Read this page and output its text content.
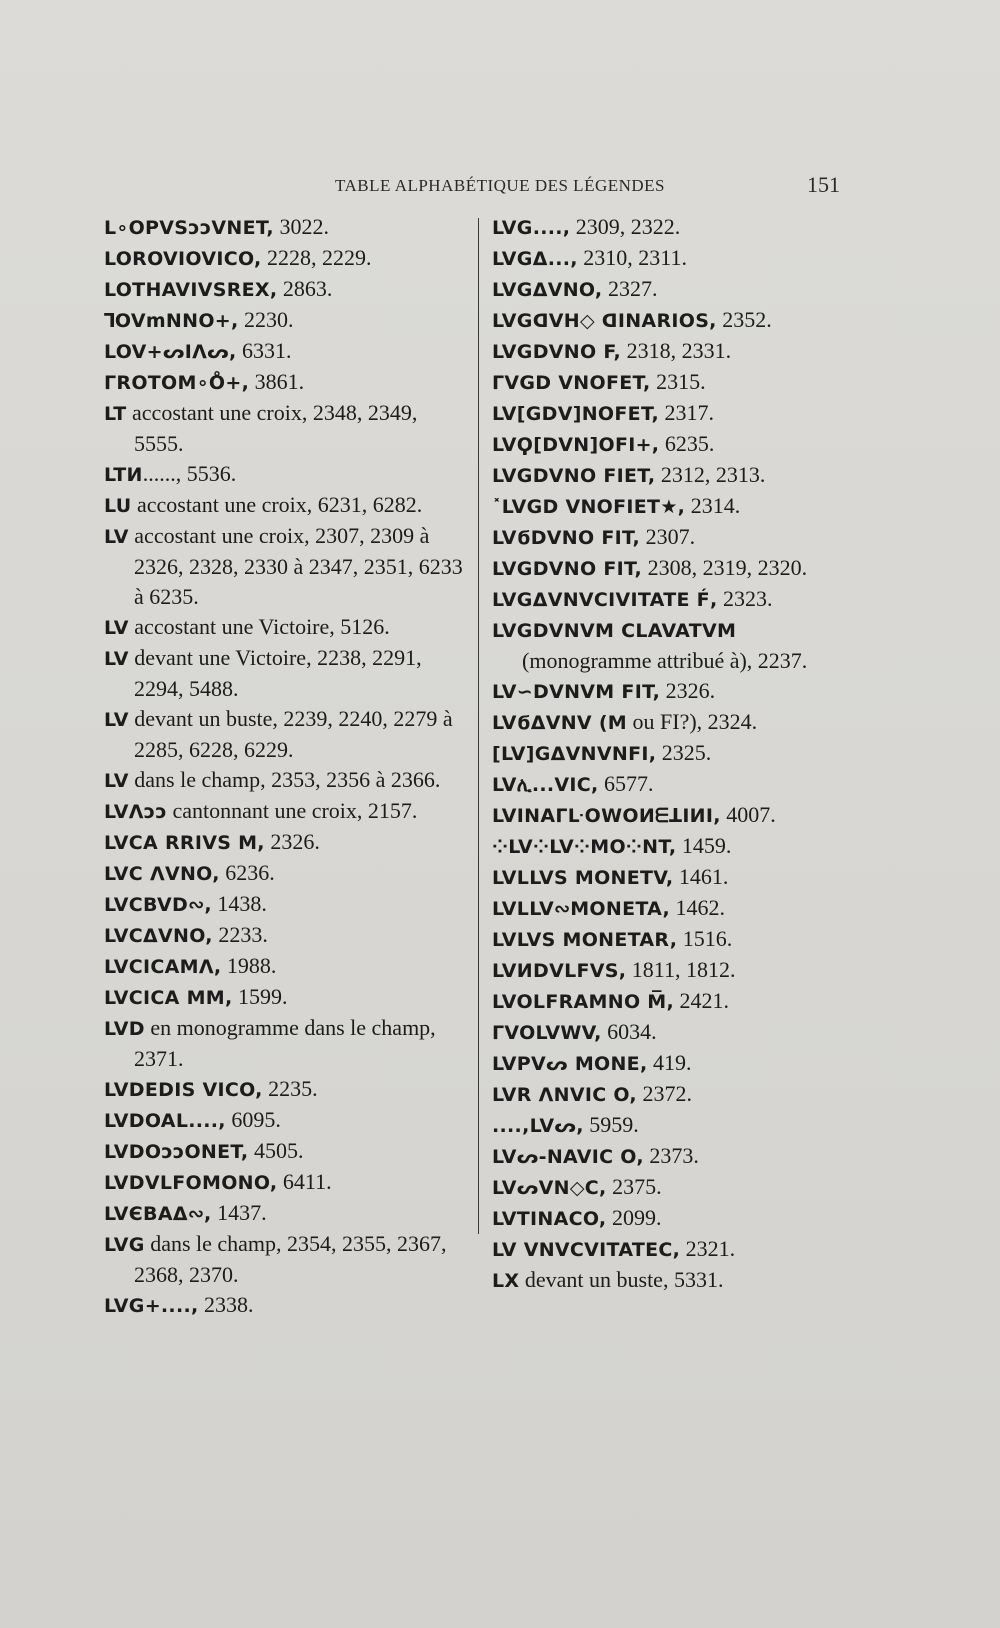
TABLE ALPHABÉTIQUE DES LÉGENDES	151

L∘OPVSↄↄVNET, 3022.

LOROVIOVICO, 2228, 2229.

LOTHAVIVSREX, 2863.

ꓶOVmNNO+, 2230.

LOV+ᔕIΛᔕ, 6331.

ΓROTOM∘O̊+, 3861.

LT accostant une croix, 2348, 2349, 5555.

LTИ......, 5536.

LU accostant une croix, 6231, 6282.

LV accostant une croix, 2307, 2309 à 2326, 2328, 2330 à 2347, 2351, 6233 à 6235.

LV accostant une Victoire, 5126.

LV devant une Victoire, 2238, 2291, 2294, 5488.

LV devant un buste, 2239, 2240, 2279 à 2285, 6228, 6229.

LV dans le champ, 2353, 2356 à 2366.

LVΛↄↄ cantonnant une croix, 2157.

LVCA RRIVS M, 2326.

LVC ΛVNO, 6236.

LVCBVD∾, 1438.

LVCΔVNO, 2233.

LVCICAMΛ, 1988.

LVCICA MM, 1599.

LVD en monogramme dans le champ, 2371.

LVDEDIS VICO, 2235.

LVDOAL...., 6095.

LVDOↄↄONET, 4505.

LVDVLFOMONO, 6411.

LVЄBAΔ∾, 1437.

LVG dans le champ, 2354, 2355, 2367, 2368, 2370.

LVG+...., 2338.

LVG...., 2309, 2322.

LVGΔ..., 2310, 2311.

LVGΔVNO, 2327.

LVGᗡVH◇ ᗡINARIOS, 2352.

LVGDVNO F, 2318, 2331.

ΓVGD VNOFET, 2315.

LV[GDV]NOFET, 2317.

LVϘ[DVN]OFI+, 6235.

LVGDVNO FIET, 2312, 2313.

˟LVGD VNOFIET★, 2314.

LVϭDVNO FIT, 2307.

LVGDVNO FIT, 2308, 2319, 2320.

LVGΔVNVCIVITATE F́, 2323.

LVGDVNVM CLAVATVM (monogramme attribué à), 2237.

LV∽DVNVM FIT, 2326.

LVϭΔVNV (M ou FI?), 2324.

[LV]GΔVNVNFI, 2325.

LVሊ...VIC, 6577.

LVINAΓᒷOWOИᗴꓕIИI, 4007.

⁘LV⁘LV⁘MO⁘NT, 1459.

LVLLVS MONETV, 1461.

LVLLV∾MONETA, 1462.

LVLVS MONETAR, 1516.

LVИDVLFVS, 1811, 1812.

LVOLFRAMNO M̅, 2421.

ΓVOLVWV, 6034.

LVPVᔕ MONE, 419.

LVR ΛNVIC O, 2372.

....,LVᔕ, 5959.

LVᔕ-NAVIC O, 2373.

LVᔕVN◇C, 2375.

LVTINACO, 2099.

LV VNVCVITATEC, 2321.

LX devant un buste, 5331.
